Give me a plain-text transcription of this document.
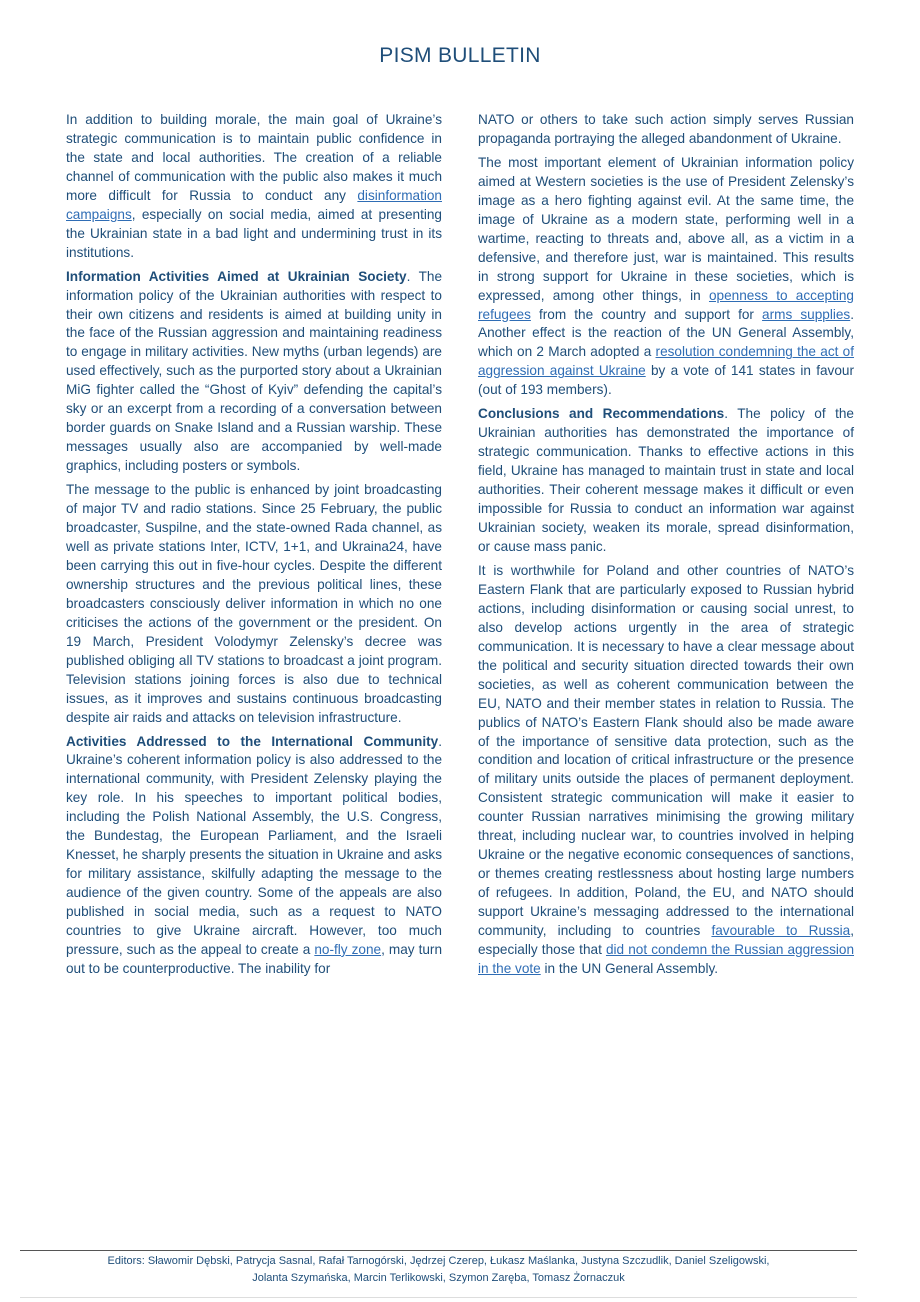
PISM BULLETIN

In addition to building morale, the main goal of Ukraine’s strategic communication is to maintain public confidence in the state and local authorities. The creation of a reliable channel of communication with the public also makes it much more difficult for Russia to conduct any disinformation campaigns, especially on social media, aimed at presenting the Ukrainian state in a bad light and undermining trust in its institutions.

Information Activities Aimed at Ukrainian Society. The information policy of the Ukrainian authorities with respect to their own citizens and residents is aimed at building unity in the face of the Russian aggression and maintaining readiness to engage in military activities. New myths (urban legends) are used effectively, such as the purported story about a Ukrainian MiG fighter called the “Ghost of Kyiv” defending the capital’s sky or an excerpt from a recording of a conversation between border guards on Snake Island and a Russian warship. These messages usually also are accompanied by well-made graphics, including posters or symbols.

The message to the public is enhanced by joint broadcasting of major TV and radio stations. Since 25 February, the public broadcaster, Suspilne, and the state-owned Rada channel, as well as private stations Inter, ICTV, 1+1, and Ukraina24, have been carrying this out in five-hour cycles. Despite the different ownership structures and the previous political lines, these broadcasters consciously deliver information in which no one criticises the actions of the government or the president. On 19 March, President Volodymyr Zelensky’s decree was published obliging all TV stations to broadcast a joint program. Television stations joining forces is also due to technical issues, as it improves and sustains continuous broadcasting despite air raids and attacks on television infrastructure.

Activities Addressed to the International Community. Ukraine’s coherent information policy is also addressed to the international community, with President Zelensky playing the key role. In his speeches to important political bodies, including the Polish National Assembly, the U.S. Congress, the Bundestag, the European Parliament, and the Israeli Knesset, he sharply presents the situation in Ukraine and asks for military assistance, skilfully adapting the message to the audience of the given country. Some of the appeals are also published in social media, such as a request to NATO countries to give Ukraine aircraft. However, too much pressure, such as the appeal to create a no-fly zone, may turn out to be counterproductive. The inability for

NATO or others to take such action simply serves Russian propaganda portraying the alleged abandonment of Ukraine.

The most important element of Ukrainian information policy aimed at Western societies is the use of President Zelensky’s image as a hero fighting against evil. At the same time, the image of Ukraine as a modern state, performing well in a wartime, reacting to threats and, above all, as a victim in a defensive, and therefore just, war is maintained. This results in strong support for Ukraine in these societies, which is expressed, among other things, in openness to accepting refugees from the country and support for arms supplies. Another effect is the reaction of the UN General Assembly, which on 2 March adopted a resolution condemning the act of aggression against Ukraine by a vote of 141 states in favour (out of 193 members).

Conclusions and Recommendations. The policy of the Ukrainian authorities has demonstrated the importance of strategic communication. Thanks to effective actions in this field, Ukraine has managed to maintain trust in state and local authorities. Their coherent message makes it difficult or even impossible for Russia to conduct an information war against Ukrainian society, weaken its morale, spread disinformation, or cause mass panic.

It is worthwhile for Poland and other countries of NATO’s Eastern Flank that are particularly exposed to Russian hybrid actions, including disinformation or causing social unrest, to also develop actions urgently in the area of strategic communication. It is necessary to have a clear message about the political and security situation directed towards their own societies, as well as coherent communication between the EU, NATO and their member states in relation to Russia. The publics of NATO’s Eastern Flank should also be made aware of the importance of sensitive data protection, such as the condition and location of critical infrastructure or the presence of military units outside the places of permanent deployment. Consistent strategic communication will make it easier to counter Russian narratives minimising the growing military threat, including nuclear war, to countries involved in helping Ukraine or the negative economic consequences of sanctions, or themes creating restlessness about hosting large numbers of refugees. In addition, Poland, the EU, and NATO should support Ukraine’s messaging addressed to the international community, including to countries favourable to Russia, especially those that did not condemn the Russian aggression in the vote in the UN General Assembly.

Editors: Sławomir Dębski, Patrycja Sasnal, Rafał Tarnogórski, Jędrzej Czerep, Łukasz Maślanka, Justyna Szczudlik, Daniel Szeligowski,
Jolanta Szymańska, Marcin Terlikowski, Szymon Zaręba, Tomasz Żornaczuk
